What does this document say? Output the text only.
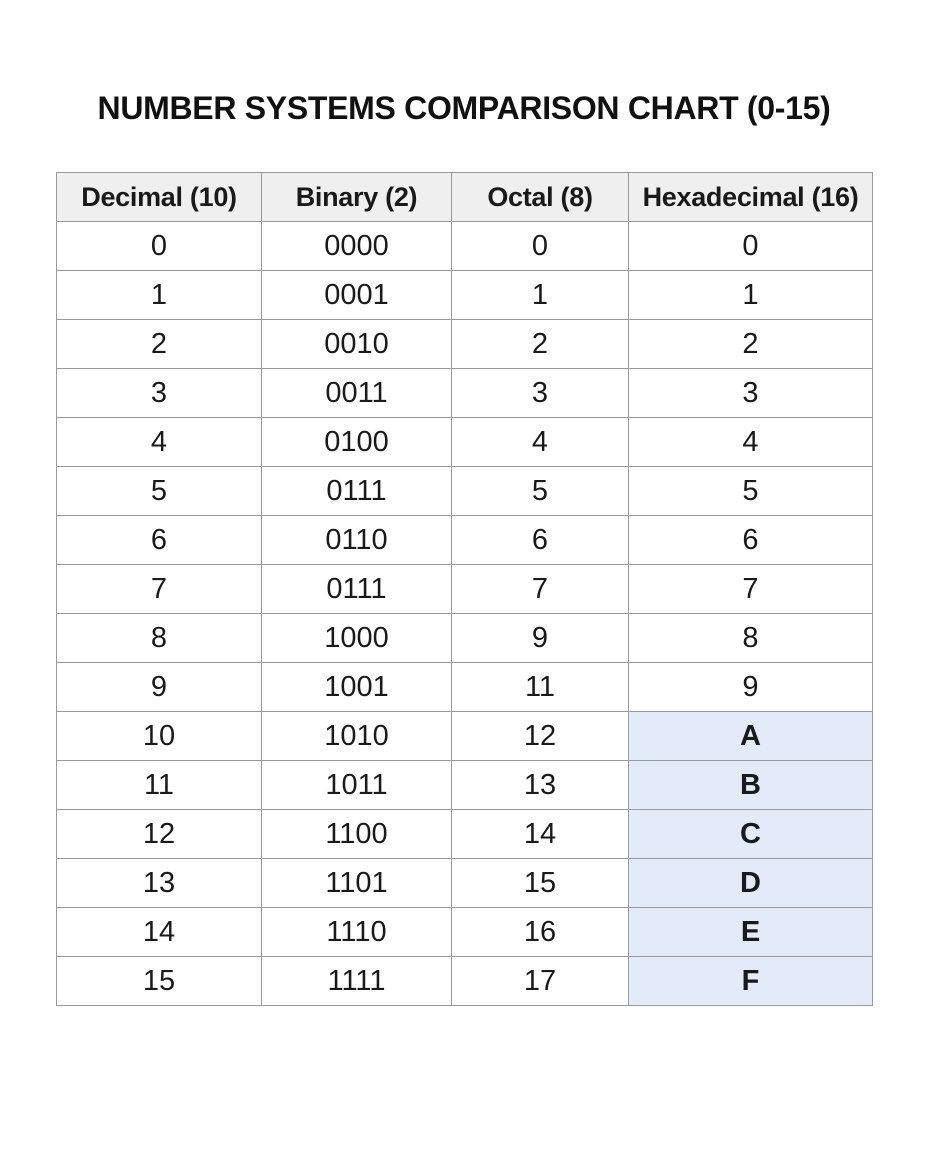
NUMBER SYSTEMS COMPARISON CHART (0-15)
Decimal (10)	Binary (2)	Octal (8)	Hexadecimal (16)
0	0000	0	0
1	0001	1	1
2	0010	2	2
3	0011	3	3
4	0100	4	4
5	0111	5	5
6	0110	6	6
7	0111	7	7
8	1000	9	8
9	1001	11	9
10	1010	12	A
11	1011	13	B
12	1100	14	C
13	1101	15	D
14	1110	16	E
15	1111	17	F
